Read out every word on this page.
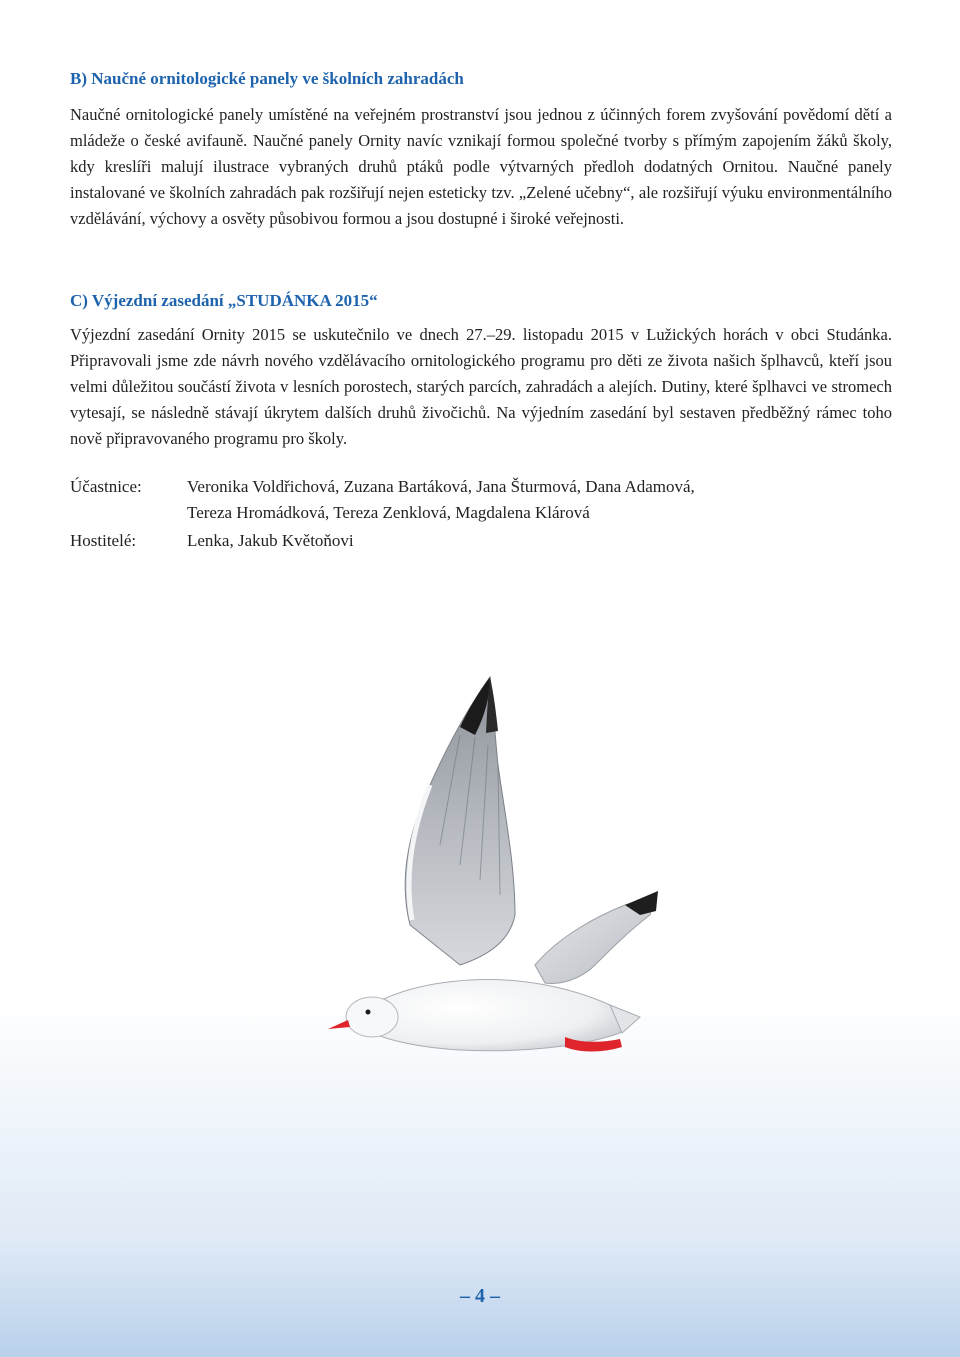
B) Naučné ornitologické panely ve školních zahradách

Naučné ornitologické panely umístěné na veřejném prostranství jsou jednou z účinných forem zvyšování povědomí dětí a mládeže o české avifauně. Naučné panely Ornity navíc vznikají formou společné tvorby s přímým zapojením žáků školy, kdy kreslíři malují ilustrace vybraných druhů ptáků podle výtvarných předloh dodatných Ornitou. Naučné panely instalované ve školních zahradách pak rozšiřují nejen esteticky tzv. „Zelené učebny“, ale rozšiřují výuku environmentálního vzdělávání, výchovy a osvěty působivou formou a jsou dostupné i široké veřejnosti.

C) Výjezdní zasedání „STUDÁNKA 2015“

Výjezdní zasedání Ornity 2015 se uskutečnilo ve dnech 27.–29. listopadu 2015 v Lužických horách v obci Studánka. Připravovali jsme zde návrh nového vzdělávacího ornitologického programu pro děti ze života našich šplhavců, kteří jsou velmi důležitou součástí života v lesních porostech, starých parcích, zahradách a alejích. Dutiny, které šplhavci ve stromech vytesají, se následně stávají úkrytem dalších druhů živočichů. Na výjedním zasedání byl sestaven předběžný rámec toho nově připravovaného programu pro školy.

Účastnice:	Veronika Voldřichová, Zuzana Bartáková, Jana Šturmová, Dana Adamová,
Tereza Hromádková, Tereza Zenklová, Magdalena Klárová
Hostitelé:	Lenka, Jakub Květoňovi
– 4 –
